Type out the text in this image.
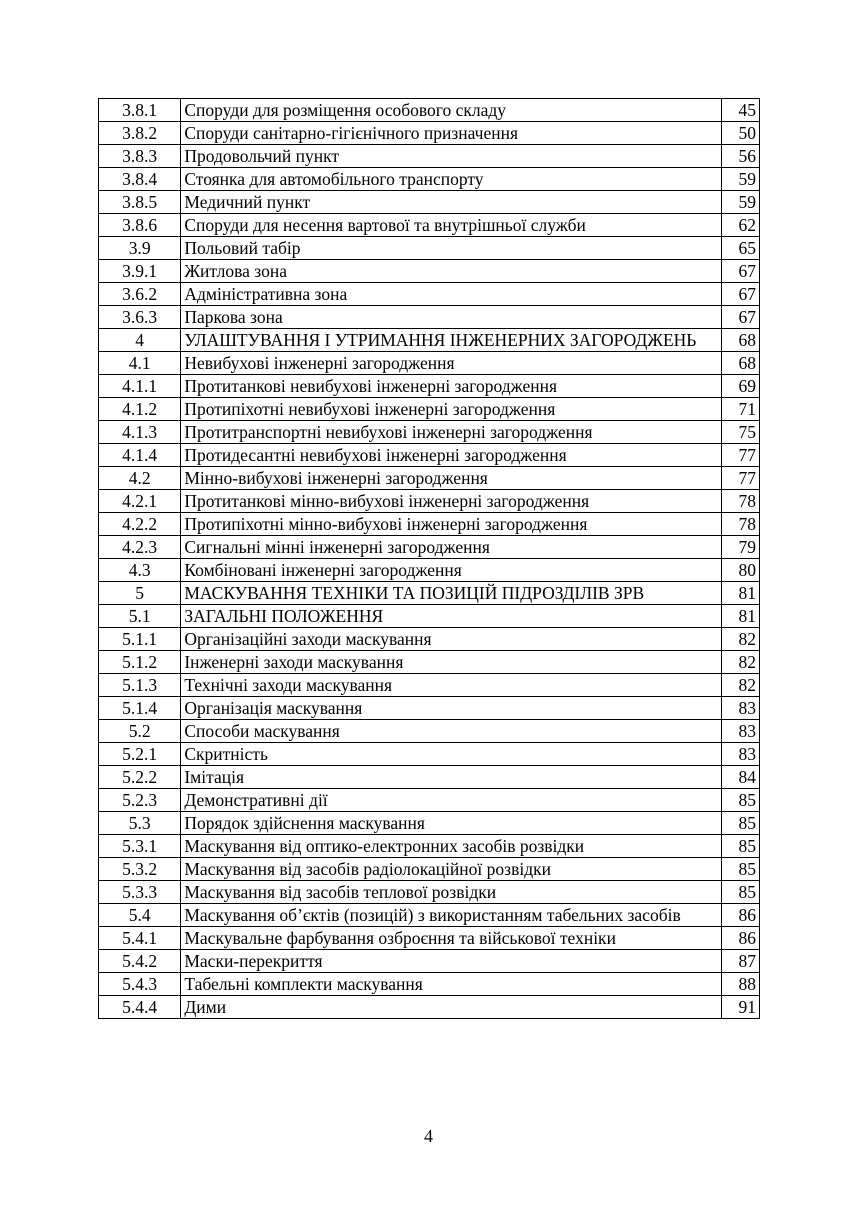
3.8.1	Споруди для розміщення особового складу	45
3.8.2	Споруди санітарно-гігієнічного призначення	50
3.8.3	Продовольчий пункт	56
3.8.4	Стоянка для автомобільного транспорту	59
3.8.5	Медичний пункт	59
3.8.6	Споруди для несення вартової та внутрішньої служби	62
3.9	Польовий табір	65
3.9.1	Житлова зона	67
3.6.2	Адміністративна зона	67
3.6.3	Паркова зона	67
4	УЛАШТУВАННЯ І УТРИМАННЯ ІНЖЕНЕРНИХ ЗАГОРОДЖЕНЬ	68
4.1	Невибухові інженерні загородження	68
4.1.1	Протитанкові невибухові інженерні загородження	69
4.1.2	Протипіхотні невибухові інженерні загородження	71
4.1.3	Протитранспортні невибухові інженерні загородження	75
4.1.4	Протидесантні невибухові інженерні загородження	77
4.2	Мінно-вибухові інженерні загородження	77
4.2.1	Протитанкові мінно-вибухові інженерні загородження	78
4.2.2	Протипіхотні мінно-вибухові інженерні загородження	78
4.2.3	Сигнальні мінні інженерні загородження	79
4.3	Комбіновані інженерні загородження	80
5	МАСКУВАННЯ ТЕХНІКИ ТА ПОЗИЦІЙ ПІДРОЗДІЛІВ ЗРВ	81
5.1	ЗАГАЛЬНІ ПОЛОЖЕННЯ	81
5.1.1	Організаційні заходи маскування	82
5.1.2	Інженерні заходи маскування	82
5.1.3	Технічні заходи маскування	82
5.1.4	Організація маскування	83
5.2	Способи маскування	83
5.2.1	Скритність	83
5.2.2	Імітація	84
5.2.3	Демонстративні дії	85
5.3	Порядок здійснення маскування	85
5.3.1	Маскування від оптико-електронних засобів розвідки	85
5.3.2	Маскування від засобів радіолокаційної розвідки	85
5.3.3	Маскування від засобів теплової розвідки	85
5.4	Маскування об’єктів (позицій) з використанням табельних засобів	86
5.4.1	Маскувальне фарбування озброєння та військової техніки	86
5.4.2	Маски-перекриття	87
5.4.3	Табельні комплекти маскування	88
5.4.4	Дими	91
4
